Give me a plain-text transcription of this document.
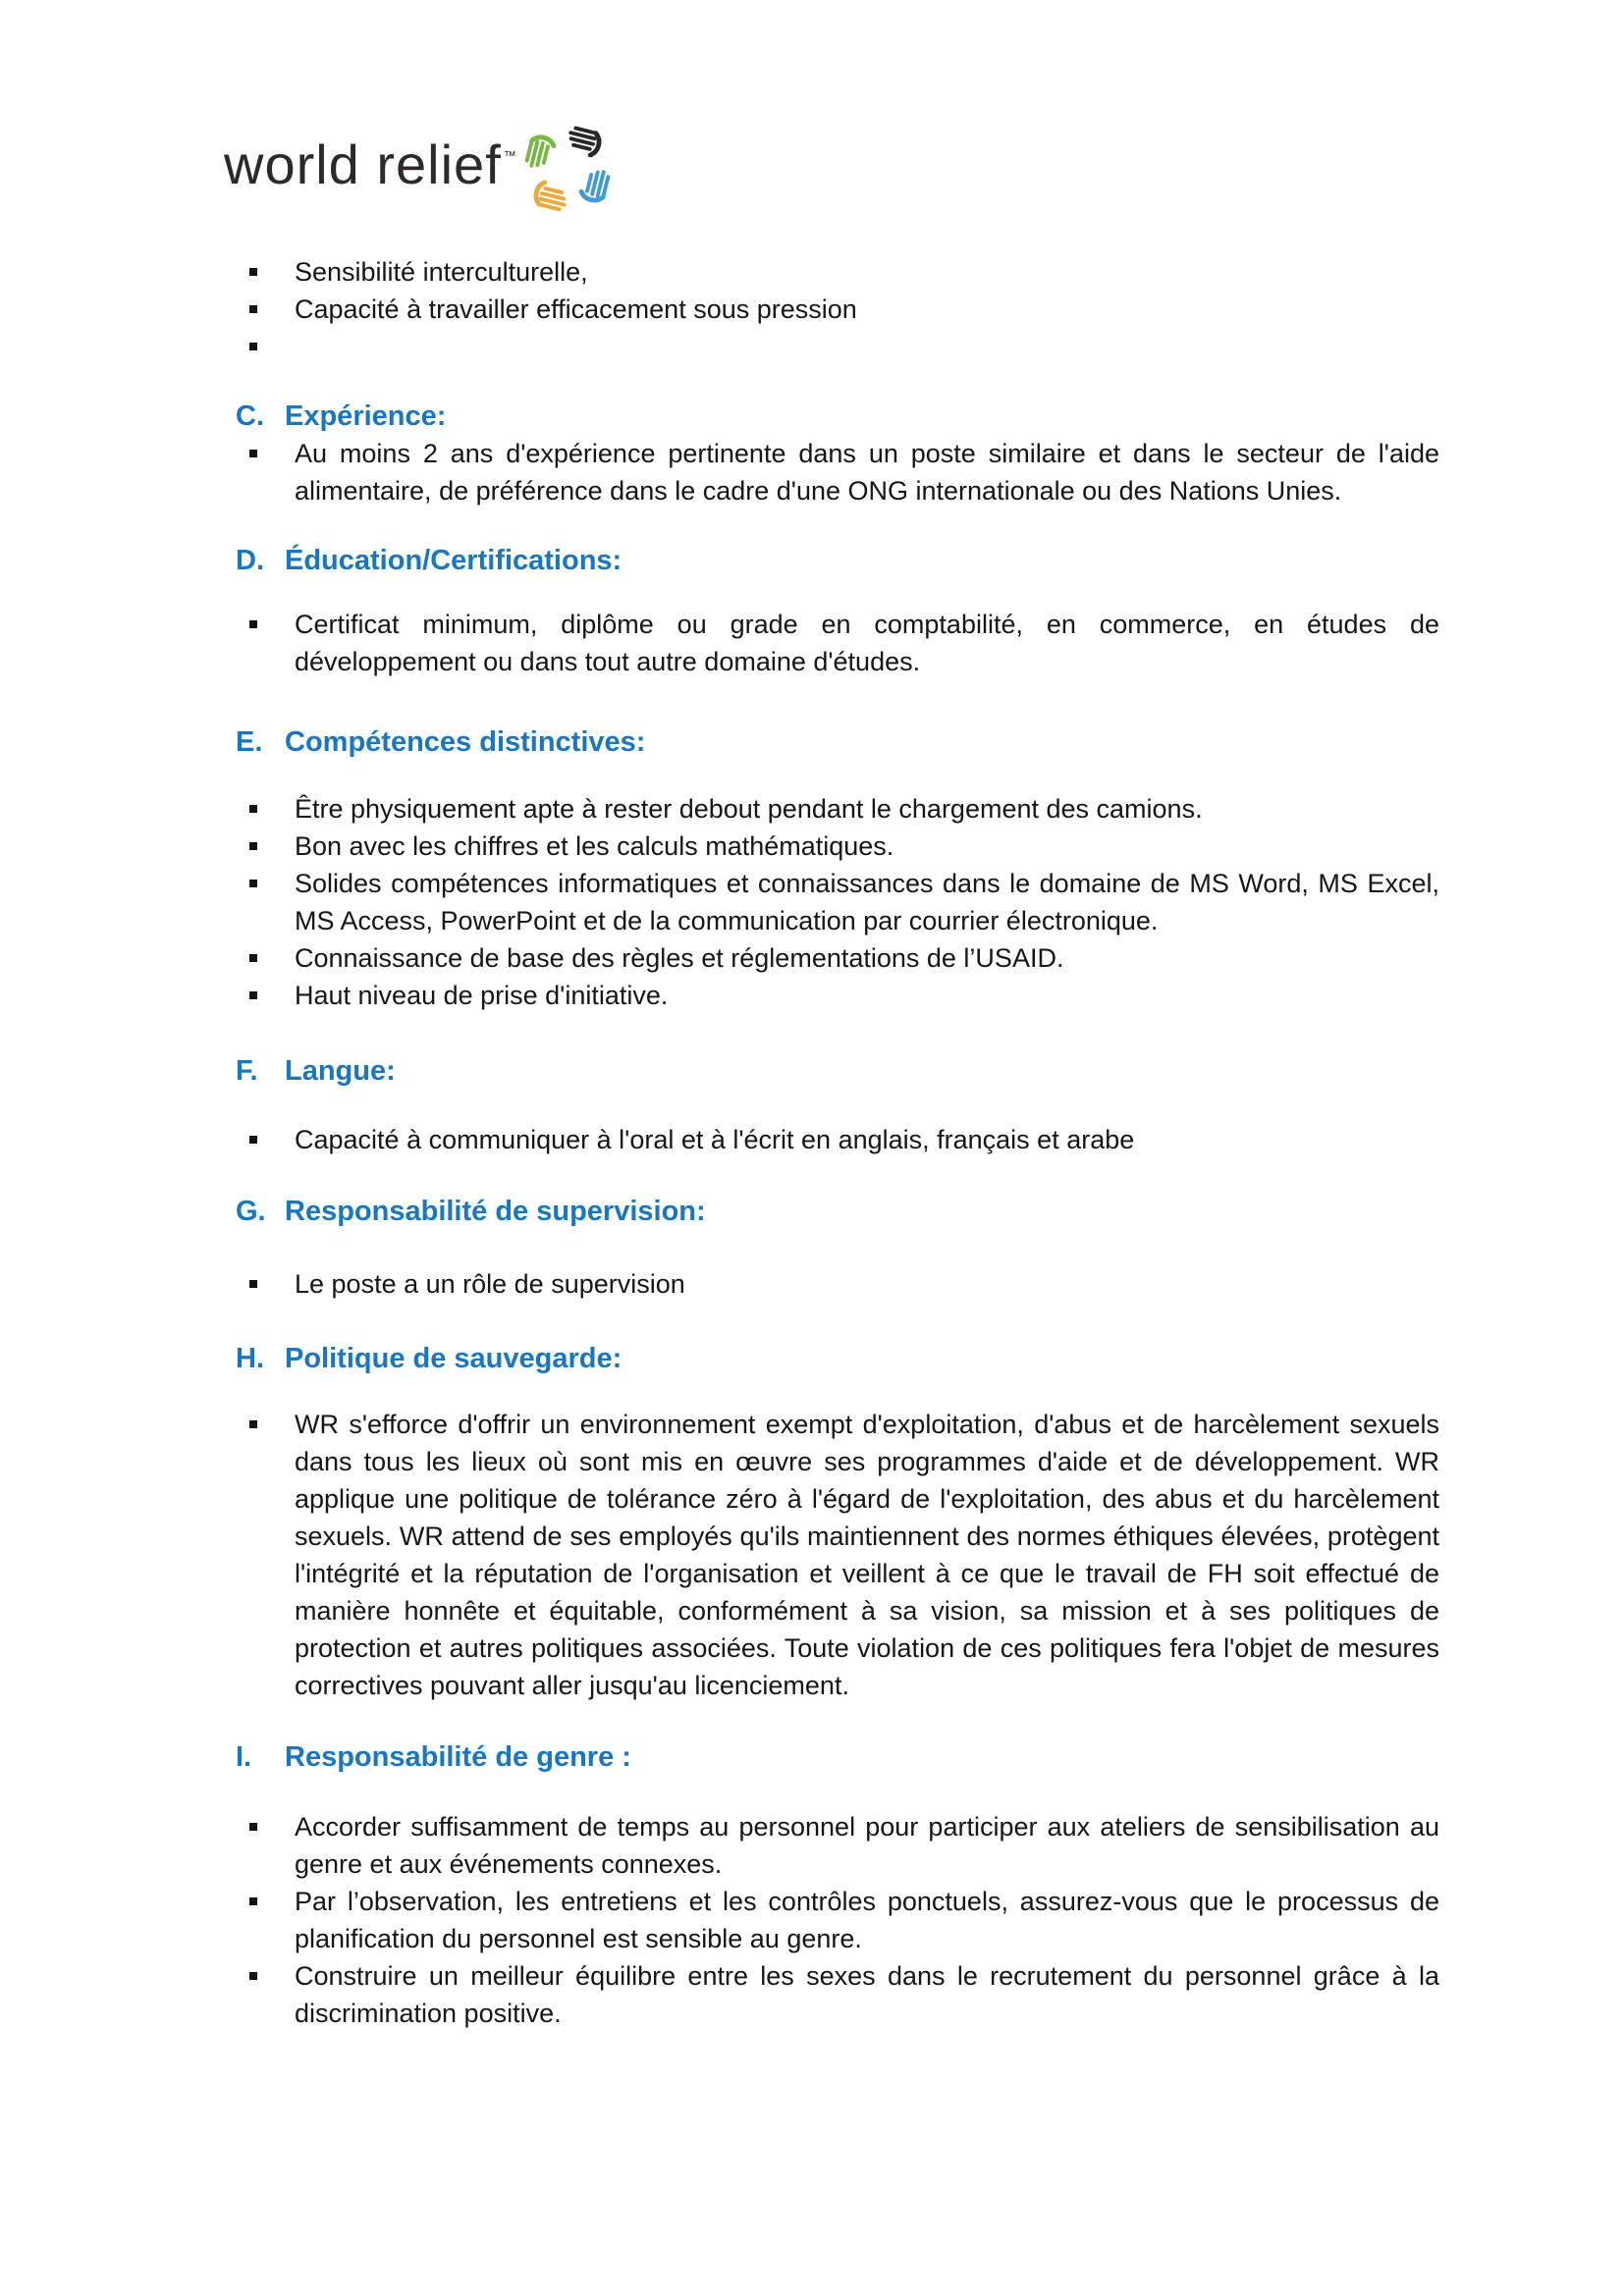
world relief ™
Sensibilité interculturelle,
Capacité à travailler efficacement sous pression
C. Expérience:
Au moins 2 ans d'expérience pertinente dans un poste similaire et dans le secteur de l'aide alimentaire, de préférence dans le cadre d'une ONG internationale ou des Nations Unies.
D. Éducation/Certifications:
Certificat minimum, diplôme ou grade en comptabilité, en commerce, en études de développement ou dans tout autre domaine d'études.
E. Compétences distinctives:
Être physiquement apte à rester debout pendant le chargement des camions.
Bon avec les chiffres et les calculs mathématiques.
Solides compétences informatiques et connaissances dans le domaine de MS Word, MS Excel, MS Access, PowerPoint et de la communication par courrier électronique.
Connaissance de base des règles et réglementations de l’USAID.
Haut niveau de prise d'initiative.
F. Langue:
Capacité à communiquer à l'oral et à l'écrit en anglais, français et arabe
G. Responsabilité de supervision:
Le poste a un rôle de supervision
H. Politique de sauvegarde:
WR s'efforce d'offrir un environnement exempt d'exploitation, d'abus et de harcèlement sexuels dans tous les lieux où sont mis en œuvre ses programmes d'aide et de développement. WR applique une politique de tolérance zéro à l'égard de l'exploitation, des abus et du harcèlement sexuels. WR attend de ses employés qu'ils maintiennent des normes éthiques élevées, protègent l'intégrité et la réputation de l'organisation et veillent à ce que le travail de FH soit effectué de manière honnête et équitable, conformément à sa vision, sa mission et à ses politiques de protection et autres politiques associées. Toute violation de ces politiques fera l'objet de mesures correctives pouvant aller jusqu'au licenciement.
I.	Responsabilité de genre :
Accorder suffisamment de temps au personnel pour participer aux ateliers de sensibilisation au genre et aux événements connexes.
Par l’observation, les entretiens et les contrôles ponctuels, assurez-vous que le processus de planification du personnel est sensible au genre.
Construire un meilleur équilibre entre les sexes dans le recrutement du personnel grâce à la discrimination positive.
